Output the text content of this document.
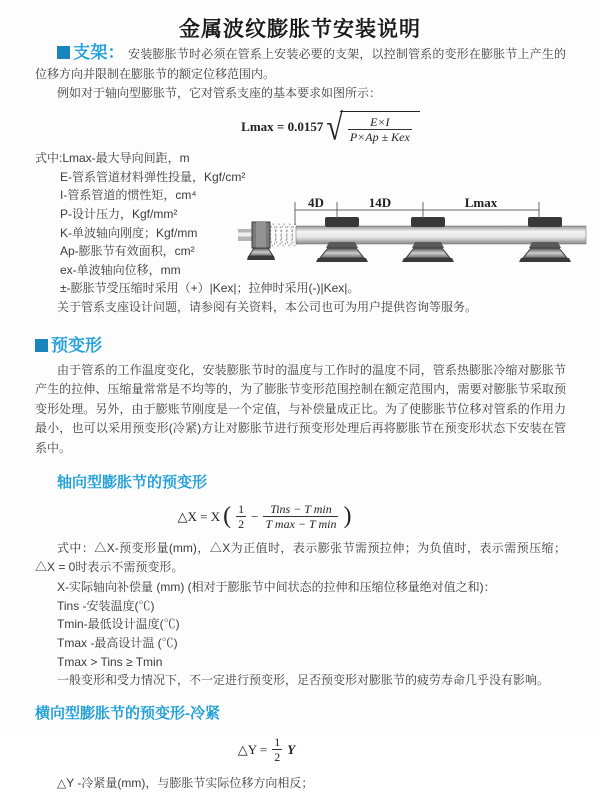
金属波纹膨胀节安装说明

支架： 安装膨胀节时必须在管系上安装必要的支架，以控制管系的变形在膨胀节上产生的位移方向并限制在膨胀节的额定位移范围内。

例如对于轴向型膨胀节，它对管系支座的基本要求如图所示：

Lmax = 0.0157 √ $\frac{E\times I}{\text{P×Ap ± Kex}}$
式中:Lmax-最大导向间距，m
E-管系管道材料弹性投量，Kgf/cm²
I-管系管道的惯性矩，cm⁴
P-设计压力，Kgf/mm²
K-单波轴向刚度；Kgf/mm
Ap-膨胀节有效面积，cm²
ex-单波轴向位移，mm
±-膨胀节受压缩时采用（+）|Kex|；拉伸时采用(-)|Kex|。

关于管系支座设计问题，请参阅有关资料，本公司也可为用户提供咨询等服务。

预变形

由于管系的工作温度变化，安装膨胀节时的温度与工作时的温度不同，管系热膨胀冷缩对膨胀节产生的拉伸、压缩量常常是不均等的，为了膨胀节变形范围控制在额定范围内，需要对膨胀节采取预变形处理。另外，由于膨账节刚度是一个定值，与补偿量成正比。为了使膨胀节位移对管系的作用力最小，也可以采用预变形(冷紧)方让对膨胀节进行预变形处理后再将膨胀节在预变形状态下安装在管系中。

轴向型膨胀节的预变形

△X = X ( $\frac{1}{2} - \frac{\text{Tins − T min}}{\text{T max − T min}}$ )

式中：△X-预变形量(mm)，△X为正值时，表示膨张节需预拉伸；为负值时，表示需预压缩；△X = 0时表示不需预变形。

X-实际轴向补偿量 (mm) (相对于膨胀节中间状态的拉伸和压缩位移量绝对值之和)：
Tins -安装温度(℃)
Tmin-最低设计温度(℃)
Tmax -最高设计温 (℃)
Tmax > Tins ≥ Tmin

一般变形和受力情况下，不一定进行预变形，足否预变形对膨胀节的疲劳寿命几乎没有影响。

横向型膨胀节的预变形-冷紧

△Y = $\frac{1}{2}$ Y

△Y -冷紧量(mm)，与膨胀节实际位移方向相反；

4D	14D	Lmax
